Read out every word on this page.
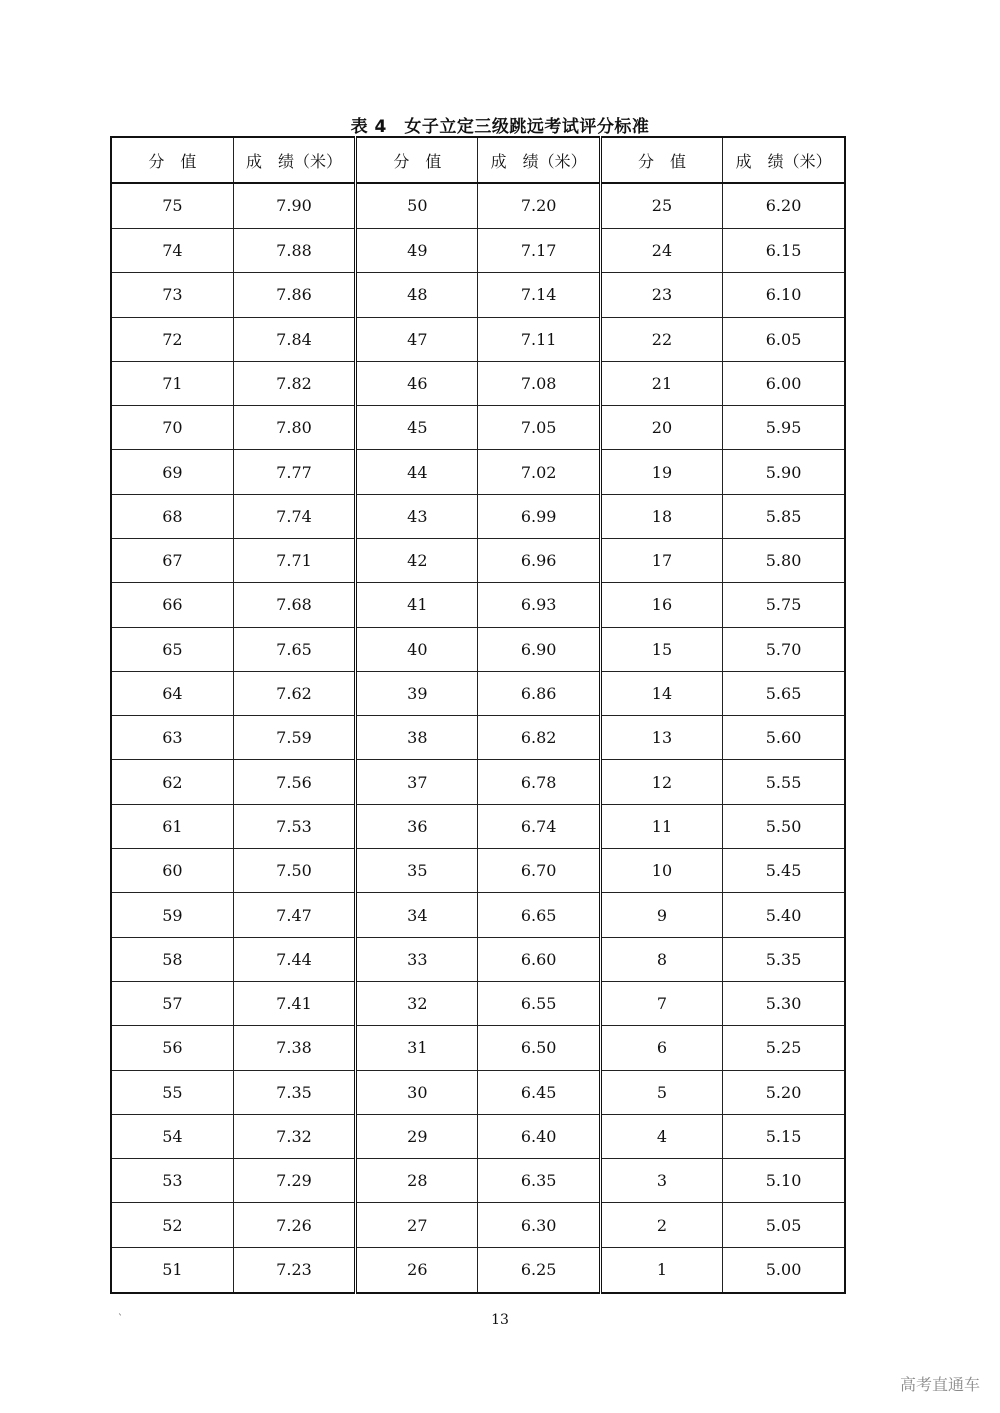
表 4　女子立定三级跳远考试评分标准
分　值	成　绩（米）	分　值	成　绩（米）	分　值	成　绩（米）
75	7.90	50	7.20	25	6.20
74	7.88	49	7.17	24	6.15
73	7.86	48	7.14	23	6.10
72	7.84	47	7.11	22	6.05
71	7.82	46	7.08	21	6.00
70	7.80	45	7.05	20	5.95
69	7.77	44	7.02	19	5.90
68	7.74	43	6.99	18	5.85
67	7.71	42	6.96	17	5.80
66	7.68	41	6.93	16	5.75
65	7.65	40	6.90	15	5.70
64	7.62	39	6.86	14	5.65
63	7.59	38	6.82	13	5.60
62	7.56	37	6.78	12	5.55
61	7.53	36	6.74	11	5.50
60	7.50	35	6.70	10	5.45
59	7.47	34	6.65	9	5.40
58	7.44	33	6.60	8	5.35
57	7.41	32	6.55	7	5.30
56	7.38	31	6.50	6	5.25
55	7.35	30	6.45	5	5.20
54	7.32	29	6.40	4	5.15
53	7.29	28	6.35	3	5.10
52	7.26	27	6.30	2	5.05
51	7.23	26	6.25	1	5.00
`	13
高考直通车
